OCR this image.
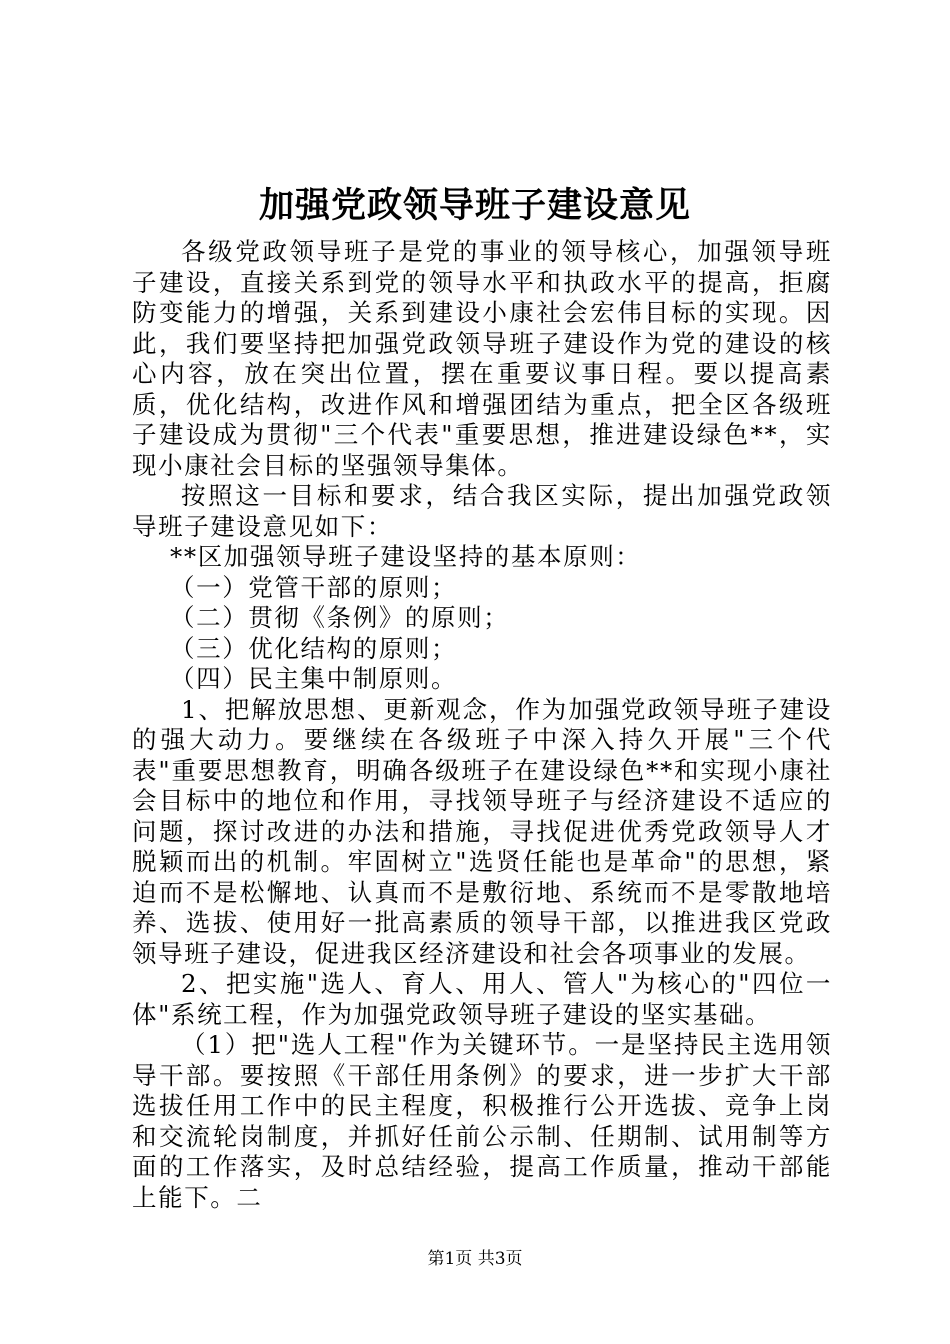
加强党政领导班子建设意见

各级党政领导班子是党的事业的领导核心，加强领导班子建设，直接关系到党的领导水平和执政水平的提高，拒腐防变能力的增强，关系到建设小康社会宏伟目标的实现。因此，我们要坚持把加强党政领导班子建设作为党的建设的核心内容，放在突出位置，摆在重要议事日程。要以提高素质，优化结构，改进作风和增强团结为重点，把全区各级班子建设成为贯彻"三个代表"重要思想，推进建设绿色**，实现小康社会目标的坚强领导集体。

按照这一目标和要求，结合我区实际，提出加强党政领导班子建设意见如下：

**区加强领导班子建设坚持的基本原则：

（一）党管干部的原则；

（二）贯彻《条例》的原则；

（三）优化结构的原则；

（四）民主集中制原则。

1、把解放思想、更新观念，作为加强党政领导班子建设的强大动力。要继续在各级班子中深入持久开展"三个代表"重要思想教育，明确各级班子在建设绿色**和实现小康社会目标中的地位和作用，寻找领导班子与经济建设不适应的问题，探讨改进的办法和措施，寻找促进优秀党政领导人才脱颖而出的机制。牢固树立"选贤任能也是革命"的思想，紧迫而不是松懈地、认真而不是敷衍地、系统而不是零散地培养、选拔、使用好一批高素质的领导干部，以推进我区党政领导班子建设，促进我区经济建设和社会各项事业的发展。

2、把实施"选人、育人、用人、管人"为核心的"四位一体"系统工程，作为加强党政领导班子建设的坚实基础。

（1）把"选人工程"作为关键环节。一是坚持民主选用领导干部。要按照《干部任用条例》的要求，进一步扩大干部选拔任用工作中的民主程度，积极推行公开选拔、竞争上岗和交流轮岗制度，并抓好任前公示制、任期制、试用制等方面的工作落实，及时总结经验，提高工作质量，推动干部能上能下。二

第1页 共3页
